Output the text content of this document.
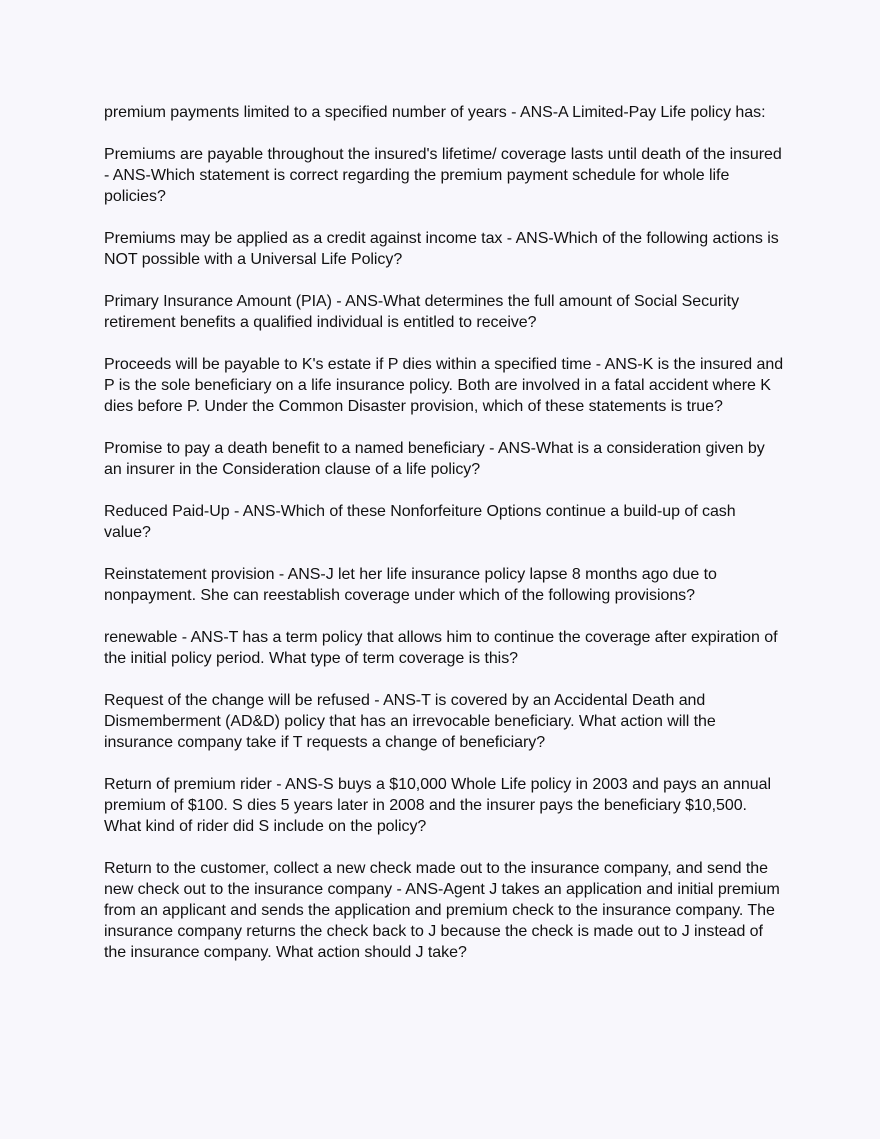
premium payments limited to a specified number of years - ANS-A Limited-Pay Life policy has:

Premiums are payable throughout the insured's lifetime/ coverage lasts until death of the insured - ANS-Which statement is correct regarding the premium payment schedule for whole life policies?

Premiums may be applied as a credit against income tax - ANS-Which of the following actions is NOT possible with a Universal Life Policy?

Primary Insurance Amount (PIA) - ANS-What determines the full amount of Social Security retirement benefits a qualified individual is entitled to receive?

Proceeds will be payable to K's estate if P dies within a specified time - ANS-K is the insured and P is the sole beneficiary on a life insurance policy. Both are involved in a fatal accident where K dies before P. Under the Common Disaster provision, which of these statements is true?

Promise to pay a death benefit to a named beneficiary - ANS-What is a consideration given by an insurer in the Consideration clause of a life policy?

Reduced Paid-Up - ANS-Which of these Nonforfeiture Options continue a build-up of cash value?

Reinstatement provision - ANS-J let her life insurance policy lapse 8 months ago due to nonpayment. She can reestablish coverage under which of the following provisions?

renewable - ANS-T has a term policy that allows him to continue the coverage after expiration of the initial policy period. What type of term coverage is this?

Request of the change will be refused - ANS-T is covered by an Accidental Death and Dismemberment (AD&D) policy that has an irrevocable beneficiary. What action will the insurance company take if T requests a change of beneficiary?

Return of premium rider - ANS-S buys a $10,000 Whole Life policy in 2003 and pays an annual premium of $100. S dies 5 years later in 2008 and the insurer pays the beneficiary $10,500. What kind of rider did S include on the policy?

Return to the customer, collect a new check made out to the insurance company, and send the new check out to the insurance company - ANS-Agent J takes an application and initial premium from an applicant and sends the application and premium check to the insurance company. The insurance company returns the check back to J because the check is made out to J instead of the insurance company. What action should J take?
